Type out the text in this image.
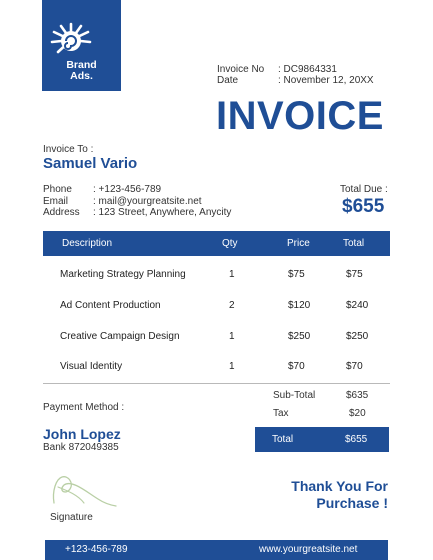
Brand
Ads.
Invoice No : DC9864331
Date	: November 12, 20XX
INVOICE
Invoice To :
Samuel Vario
Phone	: +123-456-789
Email	: mail@yourgreatsite.net
Address	: 123 Street, Anywhere, Anycity
Total Due :
$655
Description	Qty	Price	Total
Marketing Strategy Planning	1	$75	$75
Ad Content Production	2	$120	$240
Creative Campaign Design	1	$250	$250
Visual Identity	1	$70	$70
Sub-Total	$635
Tax	$20
Total	$655
Payment Method :
John Lopez
Bank 872049385
Signature
Thank You For
Purchase !
+123-456-789	www.yourgreatsite.net
